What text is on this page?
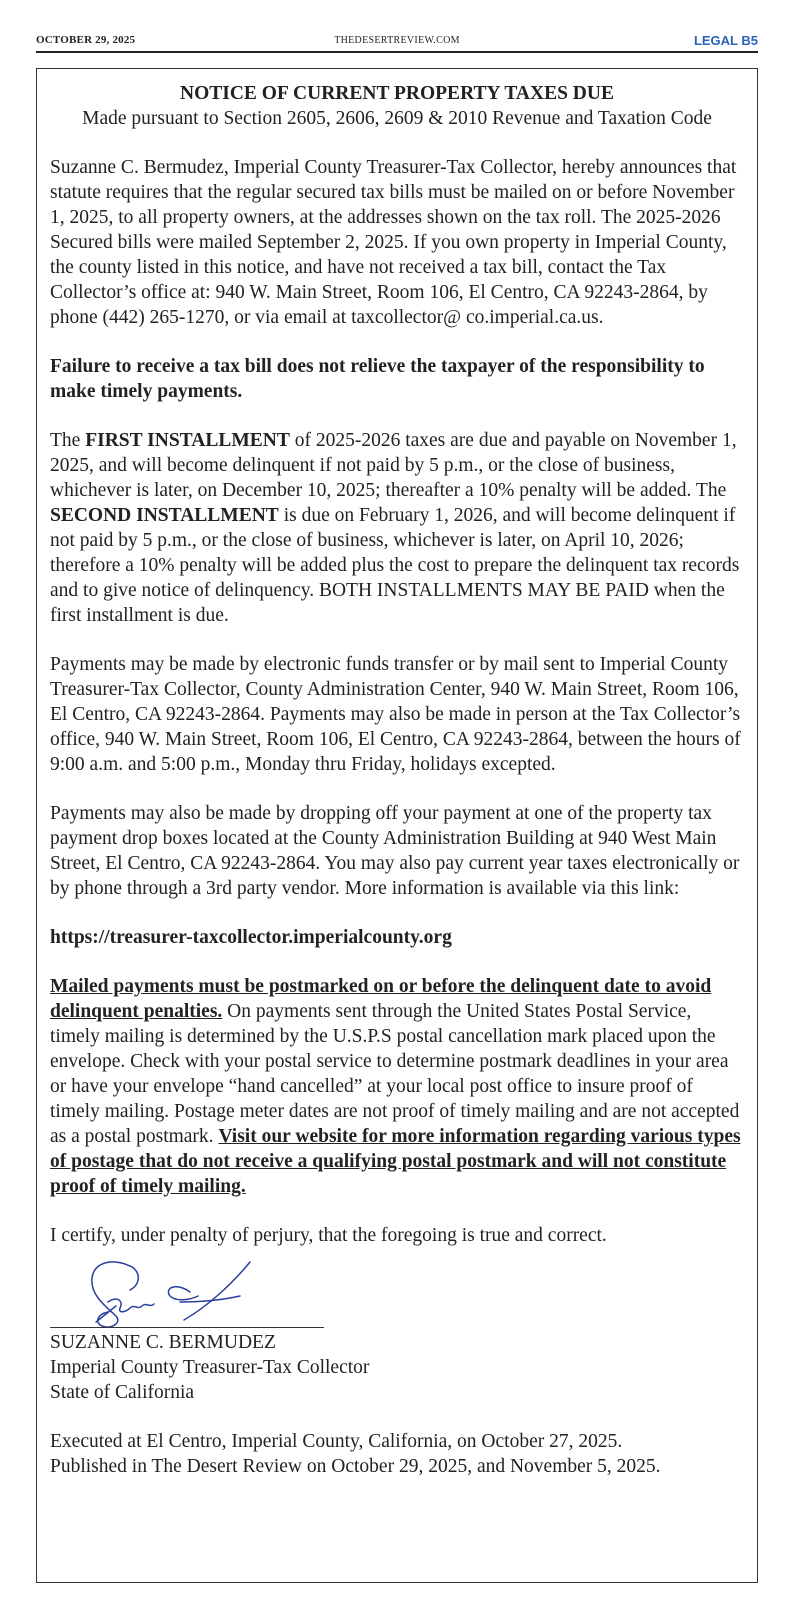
OCTOBER 29, 2025	THEDESERTREVIEW.COM	LEGAL B5
NOTICE OF CURRENT PROPERTY TAXES DUE
Made pursuant to Section 2605, 2606, 2609 & 2010 Revenue and Taxation Code

Suzanne C. Bermudez, Imperial County Treasurer-Tax Collector, hereby announces that statute requires that the regular secured tax bills must be mailed on or before November 1, 2025, to all property owners, at the addresses shown on the tax roll. The 2025-2026 Secured bills were mailed September 2, 2025. If you own property in Imperial County, the county listed in this notice, and have not received a tax bill, contact the Tax Collector’s office at: 940 W. Main Street, Room 106, El Centro, CA 92243-2864, by phone (442) 265-1270, or via email at taxcollector@ co.imperial.ca.us.

Failure to receive a tax bill does not relieve the taxpayer of the responsibility to make timely payments.

The FIRST INSTALLMENT of 2025-2026 taxes are due and payable on November 1, 2025, and will become delinquent if not paid by 5 p.m., or the close of business, whichever is later, on December 10, 2025; thereafter a 10% penalty will be added. The SECOND INSTALLMENT is due on February 1, 2026, and will become delinquent if not paid by 5 p.m., or the close of business, whichever is later, on April 10, 2026; therefore a 10% penalty will be added plus the cost to prepare the delinquent tax records and to give notice of delinquency. BOTH INSTALLMENTS MAY BE PAID when the first installment is due.

Payments may be made by electronic funds transfer or by mail sent to Imperial County Treasurer-Tax Collector, County Administration Center, 940 W. Main Street, Room 106, El Centro, CA 92243-2864. Payments may also be made in person at the Tax Collector’s office, 940 W. Main Street, Room 106, El Centro, CA 92243-2864, between the hours of 9:00 a.m. and 5:00 p.m., Monday thru Friday, holidays excepted.

Payments may also be made by dropping off your payment at one of the property tax payment drop boxes located at the County Administration Building at 940 West Main Street, El Centro, CA 92243-2864. You may also pay current year taxes electronically or by phone through a 3rd party vendor. More information is available via this link:

https://treasurer-taxcollector.imperialcounty.org

Mailed payments must be postmarked on or before the delinquent date to avoid delinquent penalties. On payments sent through the United States Postal Service, timely mailing is determined by the U.S.P.S postal cancellation mark placed upon the envelope. Check with your postal service to determine postmark deadlines in your area or have your envelope “hand cancelled” at your local post office to insure proof of timely mailing. Postage meter dates are not proof of timely mailing and are not accepted as a postal postmark. Visit our website for more information regarding various types of postage that do not receive a qualifying postal postmark and will not constitute proof of timely mailing.

I certify, under penalty of perjury, that the foregoing is true and correct.

SUZANNE C. BERMUDEZ
Imperial County Treasurer-Tax Collector
State of California

Executed at El Centro, Imperial County, California, on October 27, 2025.
Published in The Desert Review on October 29, 2025, and November 5, 2025.
